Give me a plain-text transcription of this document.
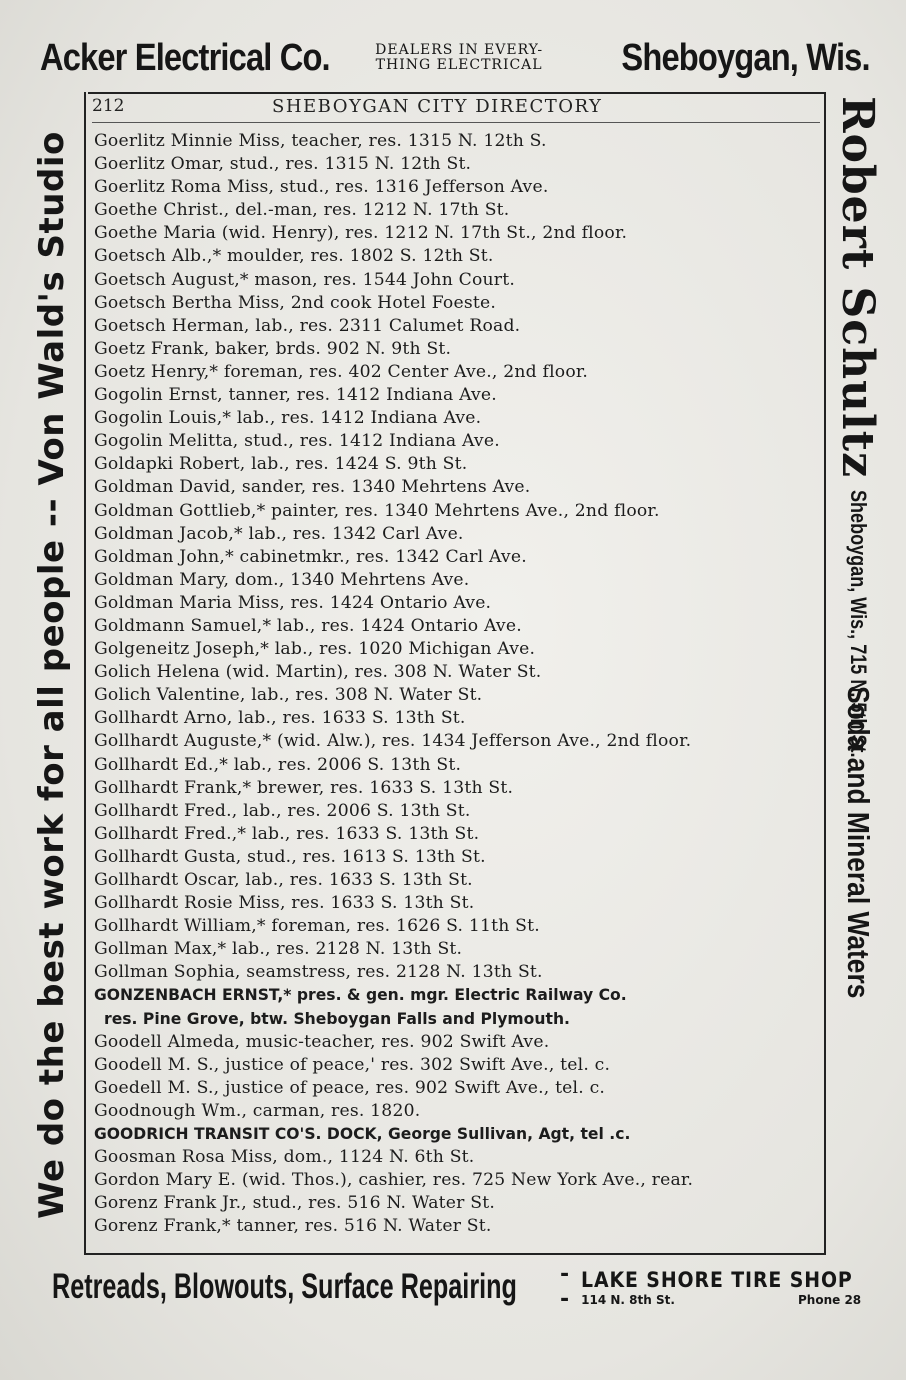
Acker Electrical Co.	DEALERS IN EVERY-
THING ELECTRICAL Sheboygan, Wis.
We do the best work for all people -- Von Wald's Studio	Robert Schultz
Sheboygan, Wis., 715 N. 5th St.
Soda and Mineral Waters
212	SHEBOYGAN CITY DIRECTORY
Goerlitz Minnie Miss, teacher, res. 1315 N. 12th S.
Goerlitz Omar, stud., res. 1315 N. 12th St.
Goerlitz Roma Miss, stud., res. 1316 Jefferson Ave.
Goethe Christ., del.-man, res. 1212 N. 17th St.
Goethe Maria (wid. Henry), res. 1212 N. 17th St., 2nd floor.
Goetsch Alb.,* moulder, res. 1802 S. 12th St.
Goetsch August,* mason, res. 1544 John Court.
Goetsch Bertha Miss, 2nd cook Hotel Foeste.
Goetsch Herman, lab., res. 2311 Calumet Road.
Goetz Frank, baker, brds. 902 N. 9th St.
Goetz Henry,* foreman, res. 402 Center Ave., 2nd floor.
Gogolin Ernst, tanner, res. 1412 Indiana Ave.
Gogolin Louis,* lab., res. 1412 Indiana Ave.
Gogolin Melitta, stud., res. 1412 Indiana Ave.
Goldapki Robert, lab., res. 1424 S. 9th St.
Goldman David, sander, res. 1340 Mehrtens Ave.
Goldman Gottlieb,* painter, res. 1340 Mehrtens Ave., 2nd floor.
Goldman Jacob,* lab., res. 1342 Carl Ave.
Goldman John,* cabinetmkr., res. 1342 Carl Ave.
Goldman Mary, dom., 1340 Mehrtens Ave.
Goldman Maria Miss, res. 1424 Ontario Ave.
Goldmann Samuel,* lab., res. 1424 Ontario Ave.
Golgeneitz Joseph,* lab., res. 1020 Michigan Ave.
Golich Helena (wid. Martin), res. 308 N. Water St.
Golich Valentine, lab., res. 308 N. Water St.
Gollhardt Arno, lab., res. 1633 S. 13th St.
Gollhardt Auguste,* (wid. Alw.), res. 1434 Jefferson Ave., 2nd floor.
Gollhardt Ed.,* lab., res. 2006 S. 13th St.
Gollhardt Frank,* brewer, res. 1633 S. 13th St.
Gollhardt Fred., lab., res. 2006 S. 13th St.
Gollhardt Fred.,* lab., res. 1633 S. 13th St.
Gollhardt Gusta, stud., res. 1613 S. 13th St.
Gollhardt Oscar, lab., res. 1633 S. 13th St.
Gollhardt Rosie Miss, res. 1633 S. 13th St.
Gollhardt William,* foreman, res. 1626 S. 11th St.
Gollman Max,* lab., res. 2128 N. 13th St.
Gollman Sophia, seamstress, res. 2128 N. 13th St.
GONZENBACH ERNST,* pres. & gen. mgr. Electric Railway Co.
res. Pine Grove, btw. Sheboygan Falls and Plymouth.
Goodell Almeda, music-teacher, res. 902 Swift Ave.
Goodell M. S., justice of peace,' res. 302 Swift Ave., tel. c.
Goedell M. S., justice of peace, res. 902 Swift Ave., tel. c.
Goodnough Wm., carman, res. 1820.
GOODRICH TRANSIT CO'S. DOCK, George Sullivan, Agt, tel .c.
Goosman Rosa Miss, dom., 1124 N. 6th St.
Gordon Mary E. (wid. Thos.), cashier, res. 725 New York Ave., rear.
Gorenz Frank Jr., stud., res. 516 N. Water St.
Gorenz Frank,* tanner, res. 516 N. Water St.
Retreads, Blowouts, Surface Repairing --
LAKE SHORE TIRE SHOP
114 N. 8th St.	Phone 28
